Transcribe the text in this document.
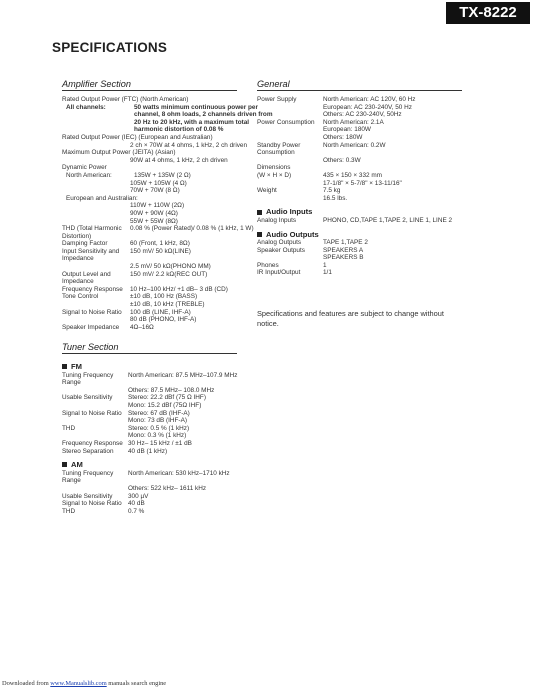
TX-8222
SPECIFICATIONS
Amplifier Section
Rated Output Power (FTC) (North American)
All channels:	50 watts minimum continuous power per channel, 8 ohm loads, 2 channels driven from 20 Hz to 20 kHz, with a maximum total harmonic distortion of 0.08 %
Rated Output Power (IEC) (European and Australian)
2 ch × 70W at 4 ohms, 1 kHz, 2 ch driven
Maximum Output Power (JEITA) (Asian)
90W at 4 ohms, 1 kHz, 2 ch driven
Dynamic Power
North American:	135W + 135W (2 Ω)
105W + 105W (4 Ω)
70W + 70W (8 Ω)
European and Australian:
110W + 110W (2Ω)
90W + 90W (4Ω)
55W + 55W (8Ω)
THD (Total Harmonic Distortion)
0.08 % (Power Rated)/ 0.08 % (1 kHz, 1 W)
Damping Factor	60 (Front, 1 kHz, 8Ω)
Input Sensitivity and Impedance
150 mV/ 50 kΩ(LINE)
2.5 mV/ 50 kΩ(PHONO MM)
Output Level and Impedance
150 mV/ 2.2 kΩ(REC OUT)
Frequency Response	10 Hz–100 kHz/ +1 dB– 3 dB (CD)
Tone Control	±10 dB, 100 Hz (BASS)
±10 dB, 10 kHz (TREBLE)
Signal to Noise Ratio	100 dB (LINE, IHF-A)
80 dB (PHONO, IHF-A)
Speaker Impedance	4Ω–16Ω
Tuner Section
FM
Tuning Frequency Range
North American: 87.5 MHz–107.9 MHz
Others: 87.5 MHz– 108.0 MHz
Usable Sensitivity	Stereo: 22.2 dBf (75 Ω IHF)
Mono: 15.2 dBf (75Ω IHF)
Signal to Noise Ratio Stereo: 67 dB (IHF-A)
Mono: 73 dB (IHF-A)
THD	Stereo: 0.5 % (1 kHz)
Mono: 0.3 % (1 kHz)
Frequency Response 30 Hz– 15 kHz / ±1 dB
Stereo Separation	40 dB (1 kHz)
AM
Tuning Frequency Range
North American: 530 kHz–1710 kHz
Others: 522 kHz– 1611 kHz
Usable Sensitivity	300 µV
Signal to Noise Ratio 40 dB
THD	0.7 %
General
Power Supply	North American: AC 120V, 60 Hz
European: AC 230-240V, 50 Hz
Others: AC 230-240V, 50Hz
Power Consumption	North American: 2.1A
European: 180W
Others: 180W
Standby Power Consumption
North American: 0.2W
Others: 0.3W
Dimensions
(W × H × D)	435 × 150 × 332 mm
17-1/8" × 5-7/8" × 13-11/16"
Weight	7.5 kg
16.5 lbs.
Audio Inputs
Analog Inputs	PHONO, CD,TAPE 1,TAPE 2, LINE 1, LINE 2
Audio Outputs
Analog Outputs	TAPE 1,TAPE 2
Speaker Outputs	SPEAKERS A
SPEAKERS B
Phones	1
IR Input/Output	1/1
Specifications and features are subject to change without notice.
Downloaded from www.Manualslib.com manuals search engine
